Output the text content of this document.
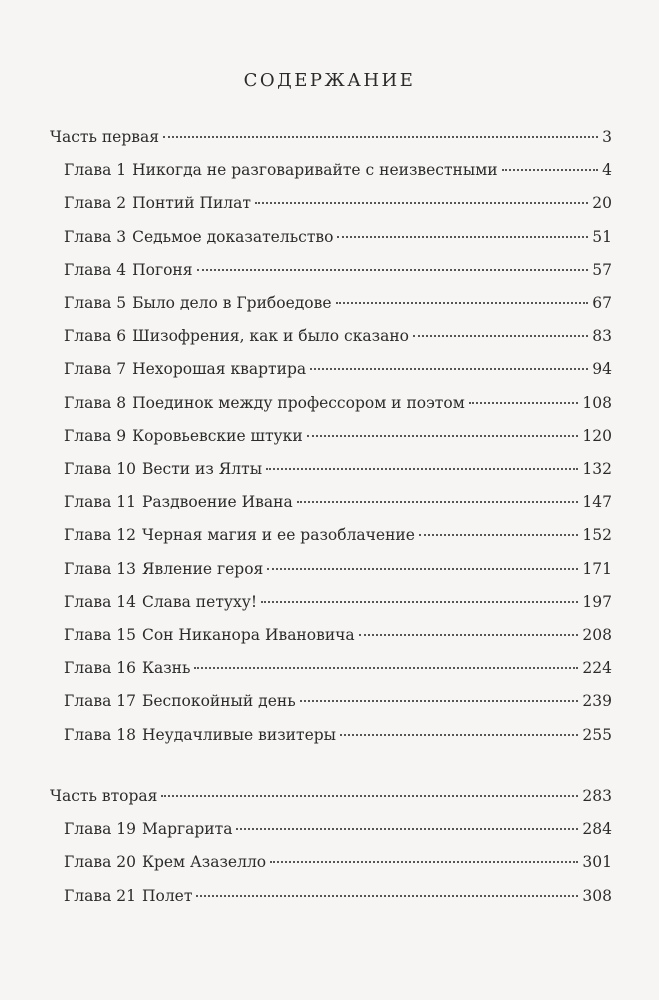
СОДЕРЖАНИЕ
Часть первая	3
Глава 1 Никогда не разговаривайте с неизвестными	4
Глава 2 Понтий Пилат	20
Глава 3 Седьмое доказательство	51
Глава 4 Погоня	57
Глава 5 Было дело в Грибоедове	67
Глава 6 Шизофрения, как и было сказано	83
Глава 7 Нехорошая квартира	94
Глава 8 Поединок между профессором и поэтом	108
Глава 9 Коровьевские штуки	120
Глава 10 Вести из Ялты	132
Глава 11 Раздвоение Ивана	147
Глава 12 Черная магия и ее разоблачение	152
Глава 13 Явление героя	171
Глава 14 Слава петуху!	197
Глава 15 Сон Никанора Ивановича	208
Глава 16 Казнь	224
Глава 17 Беспокойный день	239
Глава 18 Неудачливые визитеры	255
Часть вторая	283
Глава 19 Маргарита	284
Глава 20 Крем Азазелло	301
Глава 21 Полет	308
